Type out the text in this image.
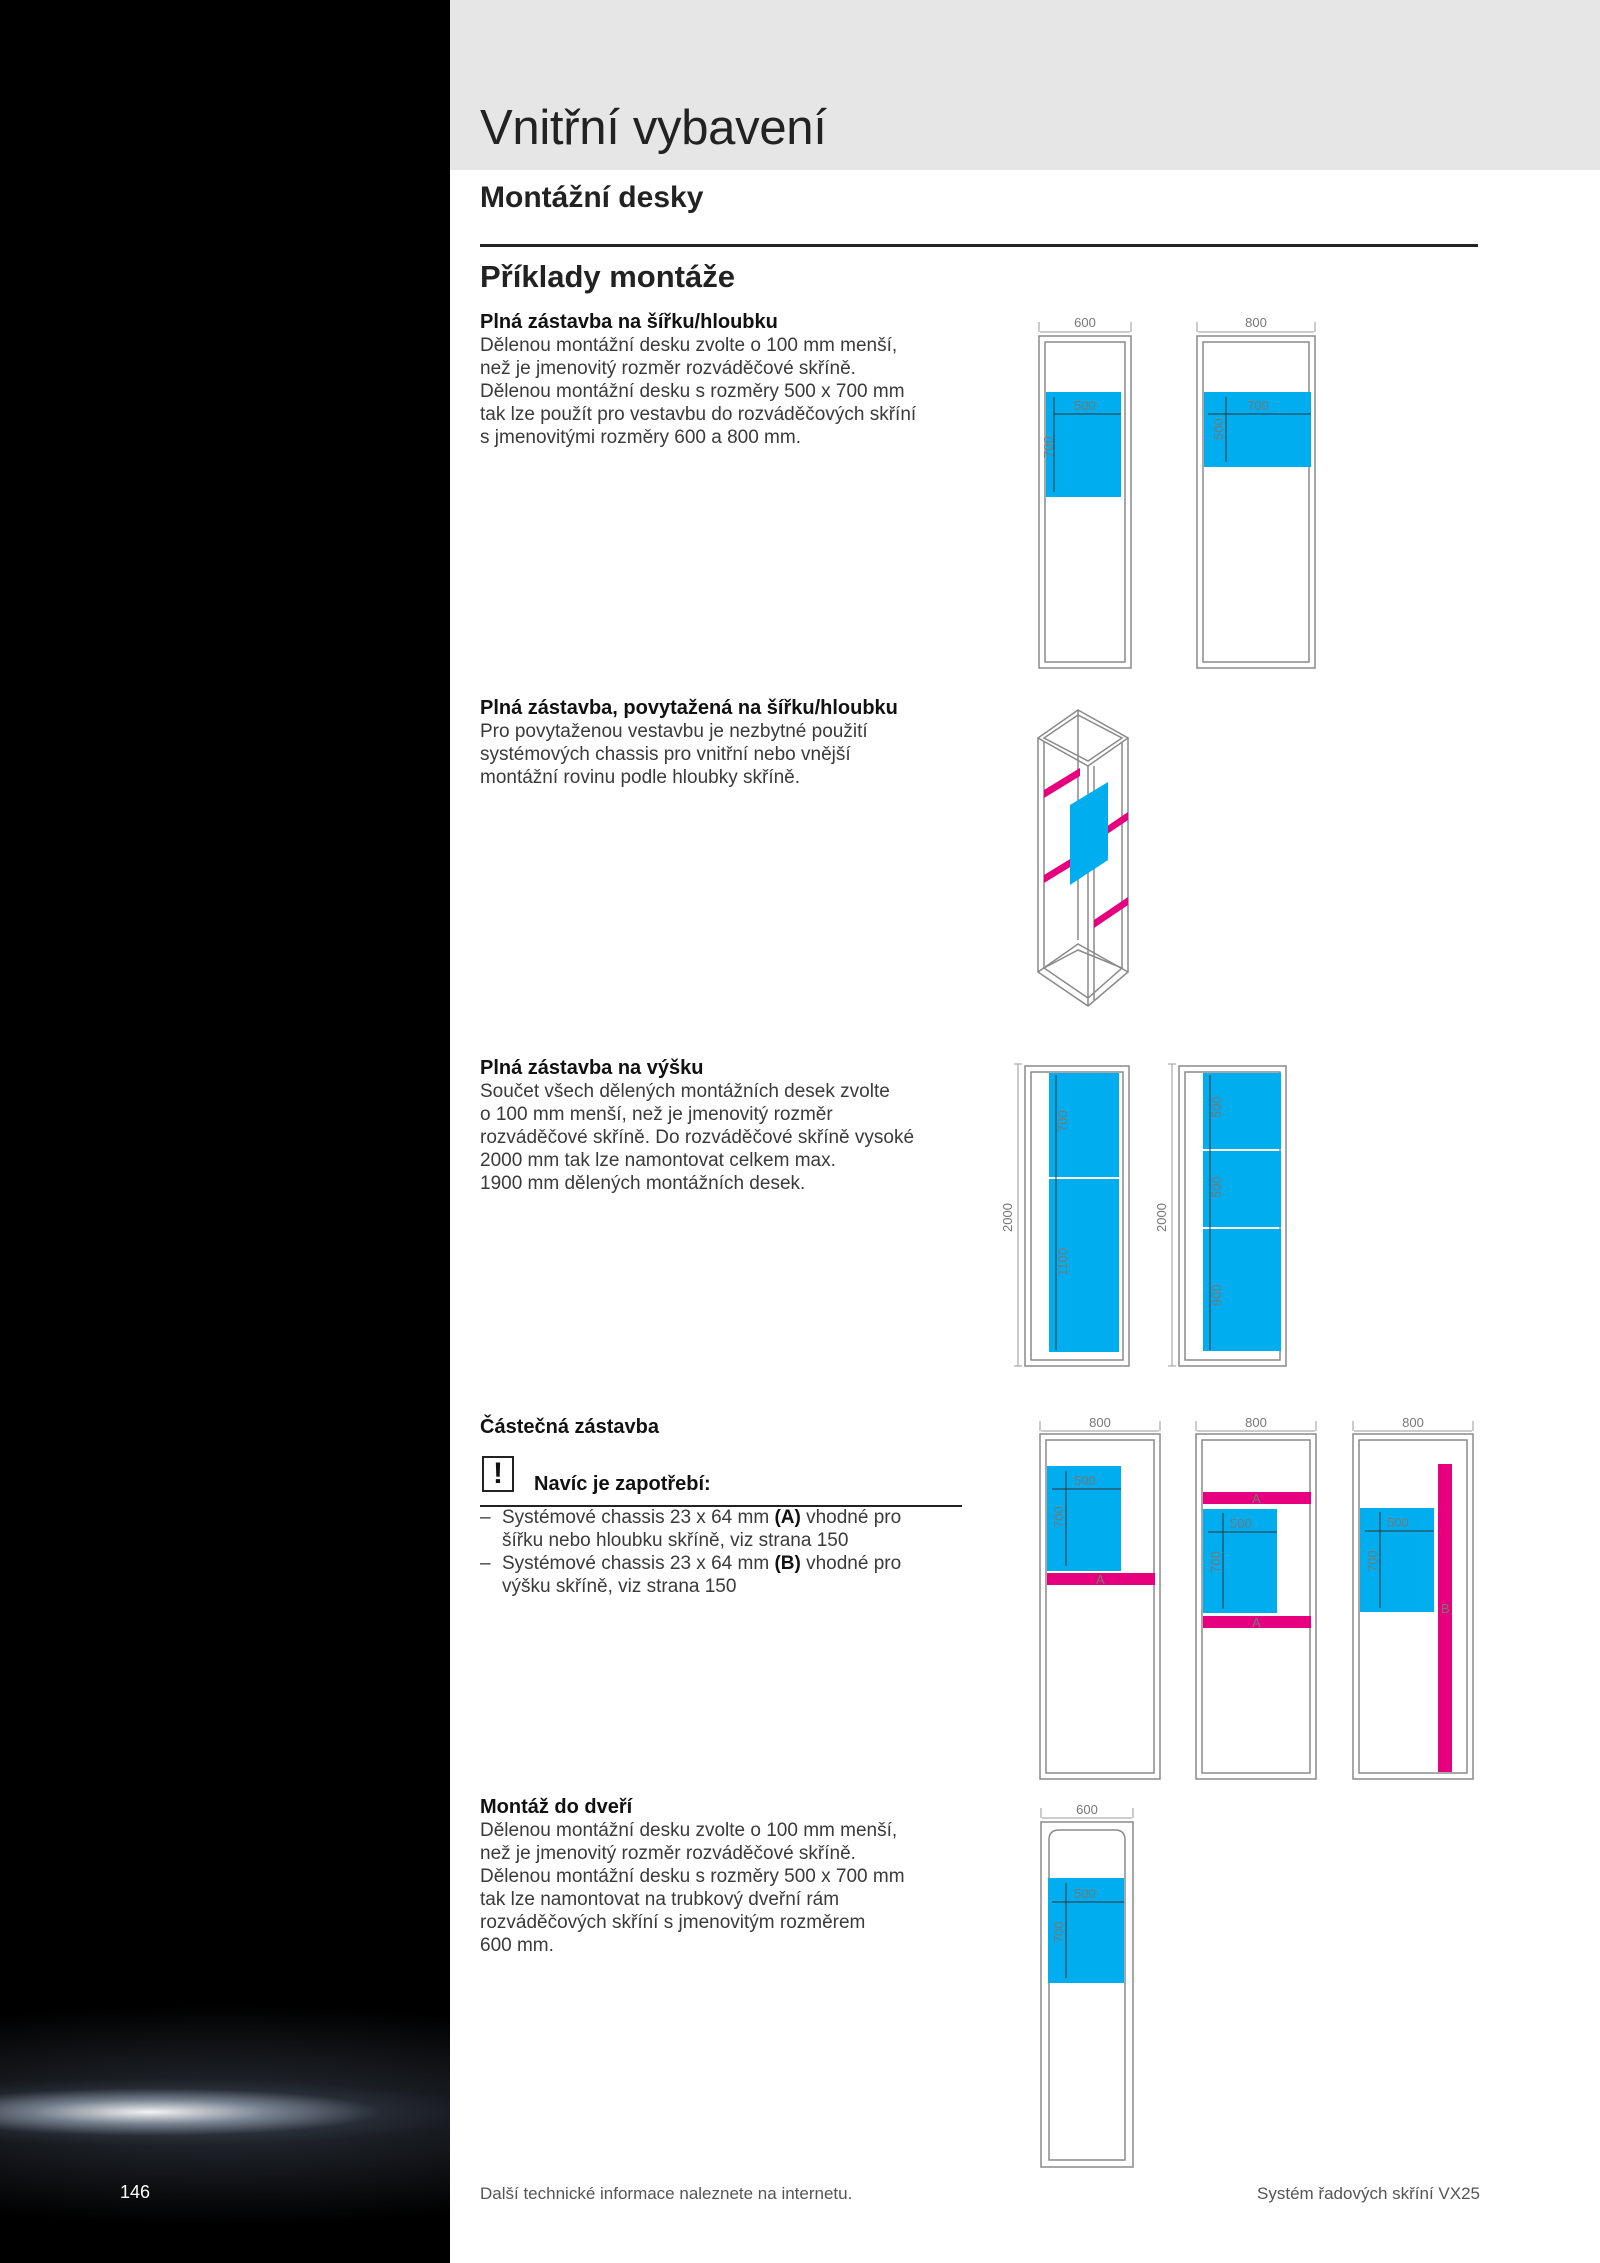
Vnitřní vybavení
Montážní desky
Příklady montáže
Plná zástavba na šířku/hloubku
Dělenou montážní desku zvolte o 100 mm menší,
než je jmenovitý rozměr rozváděčové skříně.
Dělenou montážní desku s rozměry 500 x 700 mm
tak lze použít pro vestavbu do rozváděčových skříní
s jmenovitými rozměry 600 a 800 mm.
Plná zástavba, povytažená na šířku/hloubku
Pro povytaženou vestavbu je nezbytné použití
systémových chassis pro vnitřní nebo vnější
montážní rovinu podle hloubky skříně.
Plná zástavba na výšku
Součet všech dělených montážních desek zvolte
o 100 mm menší, než je jmenovitý rozměr
rozváděčové skříně. Do rozváděčové skříně vysoké
2000 mm tak lze namontovat celkem max.
1900 mm dělených montážních desek.
Částečná zástavba
!	Navíc je zapotřebí:
– Systémové chassis 23 x 64 mm (A) vhodné pro
šířku nebo hloubku skříně, viz strana 150
– Systémové chassis 23 x 64 mm (B) vhodné pro
výšku skříně, viz strana 150
Montáž do dveří
Dělenou montážní desku zvolte o 100 mm menší,
než je jmenovitý rozměr rozváděčové skříně.
Dělenou montážní desku s rozměry 500 x 700 mm
tak lze namontovat na trubkový dveřní rám
rozváděčových skříní s jmenovitým rozměrem
600 mm.
600
500
700
800
700
500
2000
700
1100
2000
500
500
900
800
500
700
A
800
A
500
700
A
800
500
700
B
600
500
700
146	Další technické informace naleznete na internetu.	Systém řadových skříní VX25
